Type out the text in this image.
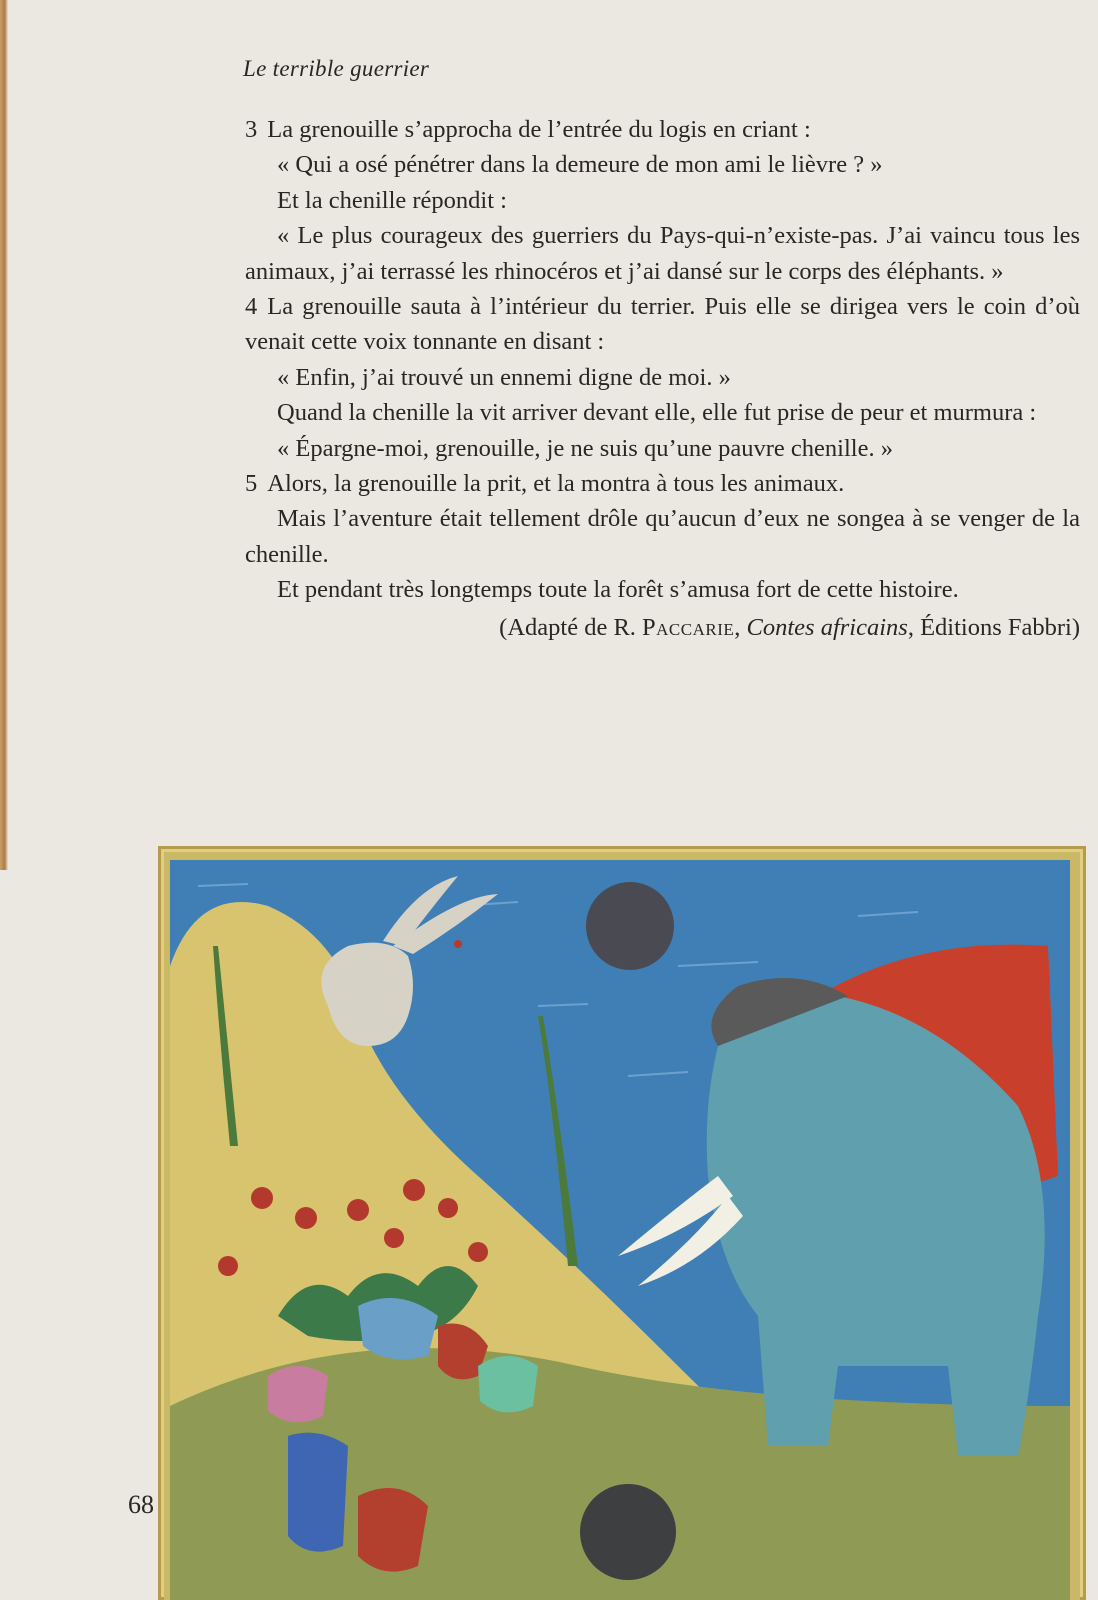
Le terrible guerrier

3 La grenouille s’approcha de l’entrée du logis en criant :

« Qui a osé pénétrer dans la demeure de mon ami le lièvre ? »

Et la chenille répondit :

« Le plus courageux des guerriers du Pays-qui-n’existe-pas. J’ai vaincu tous les animaux, j’ai terrassé les rhinocéros et j’ai dansé sur le corps des éléphants. »

4 La grenouille sauta à l’intérieur du terrier. Puis elle se dirigea vers le coin d’où venait cette voix tonnante en disant :

« Enfin, j’ai trouvé un ennemi digne de moi. »

Quand la chenille la vit arriver devant elle, elle fut prise de peur et murmura :

« Épargne-moi, grenouille, je ne suis qu’une pauvre chenille. »

5 Alors, la grenouille la prit, et la montra à tous les animaux.

Mais l’aventure était tellement drôle qu’aucun d’eux ne songea à se venger de la chenille.

Et pendant très longtemps toute la forêt s’amusa fort de cette histoire.

(Adapté de R. Paccarie, Contes africains, Éditions Fabbri)

68
